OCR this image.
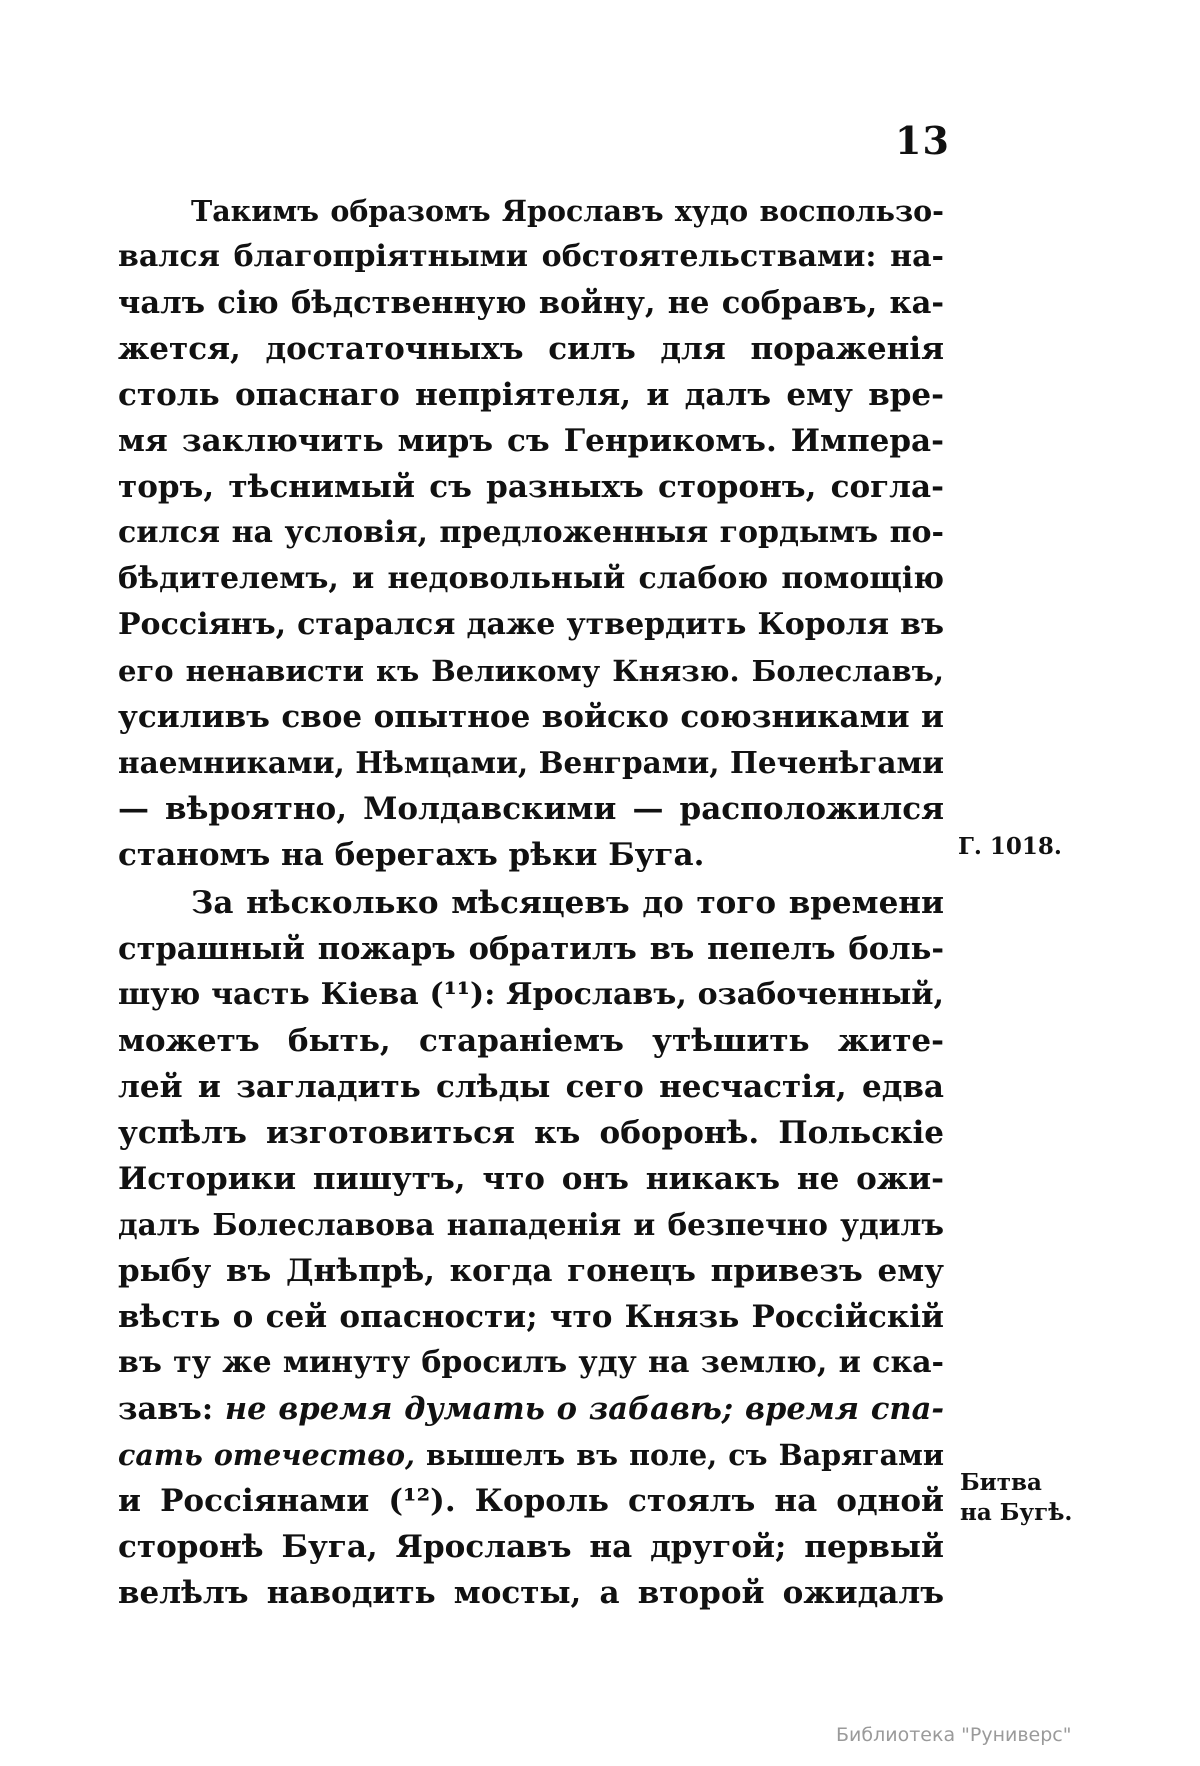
13
Такимъ образомъ Ярославъ худо воспользо-
вался благопріятными обстоятельствами: на-
чалъ сію бѣдственную войну, не собравъ, ка-
жется, достаточныхъ силъ для пораженія
столь опаснаго непріятеля, и далъ ему вре-
мя заключить миръ съ Генрикомъ. Импера-
торъ, тѣснимый съ разныхъ сторонъ, согла-
сился на условія, предложенныя гордымъ по-
бѣдителемъ, и недовольный слабою помощію
Россіянъ, старался даже утвердить Короля въ
его ненависти къ Великому Князю. Болеславъ,
усиливъ свое опытное войско союзниками и
наемниками, Нѣмцами, Венграми, Печенѣгами
— вѣроятно, Молдавскими — расположился
станомъ на берегахъ рѣки Буга.
За нѣсколько мѣсяцевъ до того времени
страшный пожаръ обратилъ въ пепелъ боль-
шую часть Кіева (¹¹): Ярославъ, озабоченный,
можетъ быть, стараніемъ утѣшить жите-
лей и загладить слѣды сего несчастія, едва
успѣлъ изготовиться къ оборонѣ. Польскіе
Историки пишутъ, что онъ никакъ не ожи-
далъ Болеславова нападенія и безпечно удилъ
рыбу въ Днѣпрѣ, когда гонецъ привезъ ему
вѣсть о сей опасности; что Князь Россійскій
въ ту же минуту бросилъ уду на землю, и ска-
завъ: не время думать о забавѣ; время спа-
сать отечество, вышелъ въ поле, съ Варягами
и Россіянами (¹²). Король стоялъ на одной
сторонѣ Буга, Ярославъ на другой; первый
велѣлъ наводить мосты, а второй ожидалъ
Г. 1018.
Битва
на Бугѣ.
Библиотека "Руниверс"
